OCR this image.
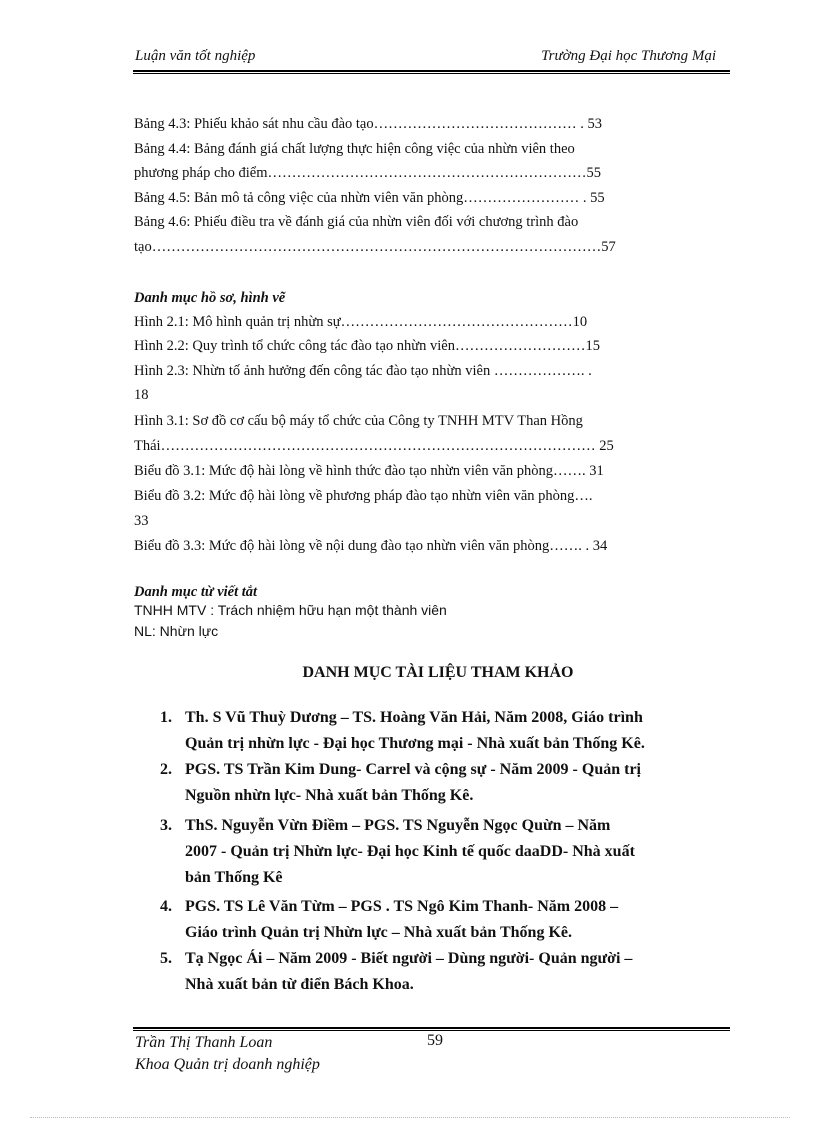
Luận văn tốt nghiệp	Trường Đại học Thương Mại
Bảng 4.3: Phiếu khảo sát nhu cầu đào tạo…………………………………… . 53
Bảng 4.4: Bảng đánh giá chất lượng thực hiện công việc của nhừn viên theo
phương pháp cho điểm…………………………………………………………55
Bảng 4.5: Bản mô tả công việc của nhừn viên văn phòng…………………… . 55
Bảng 4.6: Phiếu điều tra về đánh giá của nhừn viên đối với chương trình đào
tạo…………………………………………………………………………………57
Danh mục hồ sơ, hình vẽ
Hình 2.1: Mô hình quản trị nhừn sự…………………………………………10
Hình 2.2: Quy trình tổ chức công tác đào tạo nhừn viên………………………15
Hình 2.3: Nhừn tố ảnh hưởng đến công tác đào tạo nhừn viên ………………. .
18
Hình 3.1: Sơ đồ cơ cấu bộ máy tổ chức của Công ty TNHH MTV Than Hồng
Thái……………………………………………………………………………… 25
Biểu đồ 3.1: Mức độ hài lòng về hình thức đào tạo nhừn viên văn phòng……. 31
Biểu đồ 3.2: Mức độ hài lòng về phương pháp đào tạo nhừn viên văn phòng….
33
Biểu đồ 3.3: Mức độ hài lòng về nội dung đào tạo nhừn viên văn phòng……. . 34
Danh mục từ viết tắt
TNHH MTV : Trách nhiệm hữu hạn một thành viên
NL: Nhừn lực
DANH MỤC TÀI LIỆU THAM KHẢO
1. Th. S Vũ Thuỳ Dương – TS. Hoàng Văn Hải, Năm 2008, Giáo trình
Quản trị nhừn lực - Đại học Thương mại - Nhà xuất bản Thống Kê.
2. PGS. TS Trần Kim Dung- Carrel và cộng sự - Năm 2009 - Quản trị
Nguồn nhừn lực- Nhà xuất bản Thống Kê.
3. ThS. Nguyễn Vừn Điềm – PGS. TS Nguyễn Ngọc Quừn – Năm
2007 - Quản trị Nhừn lực- Đại học Kinh tế quốc daaDD- Nhà xuất
bản Thống Kê
4. PGS. TS Lê Văn Từm – PGS . TS Ngô Kim Thanh- Năm 2008 –
Giáo trình Quản trị Nhừn lực – Nhà xuất bản Thống Kê.
5. Tạ Ngọc Ái – Năm 2009 - Biết người – Dùng người- Quản người –
Nhà xuất bản từ điển Bách Khoa.
Trần Thị Thanh Loan	59
Khoa Quản trị doanh nghiệp
